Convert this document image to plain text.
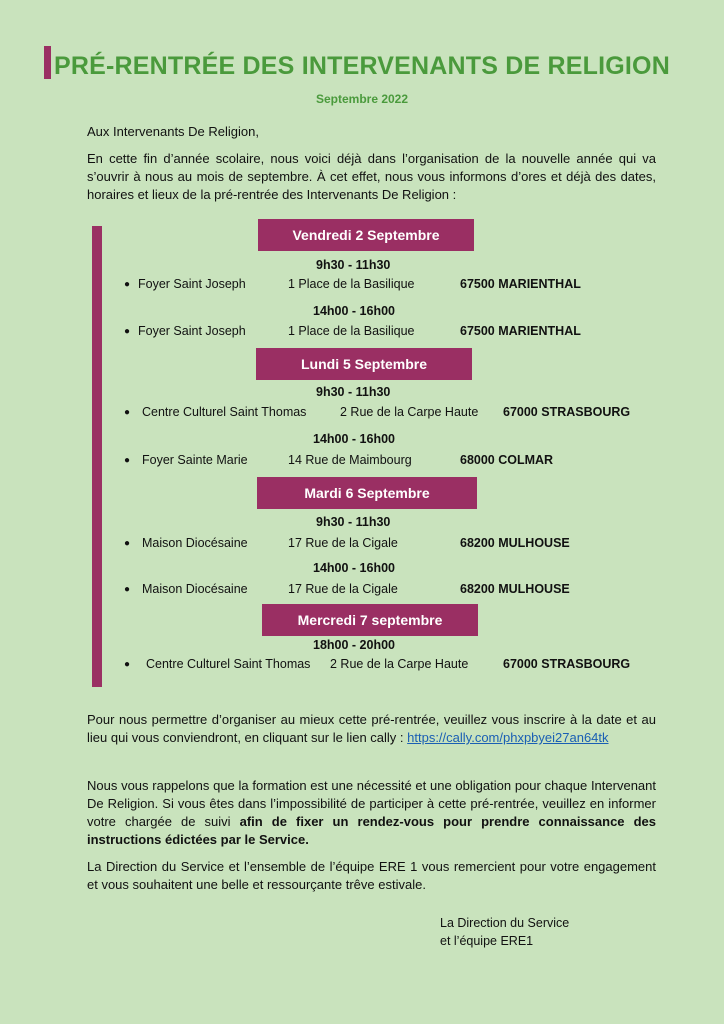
PRÉ-RENTRÉE DES INTERVENANTS DE RELIGION
Septembre 2022

Aux Intervenants De Religion,

En cette fin d’année scolaire, nous voici déjà dans l’organisation de la nouvelle année qui va s’ouvrir à nous au mois de septembre. À cet effet, nous vous informons d’ores et déjà des dates, horaires et lieux de la pré-rentrée des Intervenants De Religion :

Vendredi 2 Septembre
9h30 - 11h30
● Foyer Saint Joseph	1 Place de la Basilique	67500 MARIENTHAL
14h00 - 16h00
● Foyer Saint Joseph	1 Place de la Basilique	67500 MARIENTHAL
Lundi 5 Septembre
9h30 - 11h30
● Centre Culturel Saint Thomas	2 Rue de la Carpe Haute 67000 STRASBOURG
14h00 - 16h00
● Foyer Sainte Marie	14 Rue de Maimbourg	68000 COLMAR
Mardi 6 Septembre
9h30 - 11h30
● Maison Diocésaine	17 Rue de la Cigale	68200 MULHOUSE
14h00 - 16h00
● Maison Diocésaine	17 Rue de la Cigale	68200 MULHOUSE
Mercredi 7 septembre
18h00 - 20h00
● Centre Culturel Saint Thomas 2 Rue de la Carpe Haute	67000 STRASBOURG

Pour nous permettre d’organiser au mieux cette pré-rentrée, veuillez vous inscrire à la date et au lieu qui vous conviendront, en cliquant sur le lien cally : https://cally.com/phxpbyei27an64tk

Nous vous rappelons que la formation est une nécessité et une obligation pour chaque Intervenant De Religion. Si vous êtes dans l’impossibilité de participer à cette pré-rentrée, veuillez en informer votre chargée de suivi afin de fixer un rendez-vous pour prendre connaissance des instructions édictées par le Service.

La Direction du Service et l’ensemble de l’équipe ERE 1 vous remercient pour votre engagement et vous souhaitent une belle et ressourçante trêve estivale.

La Direction du Service
et l’équipe ERE1
